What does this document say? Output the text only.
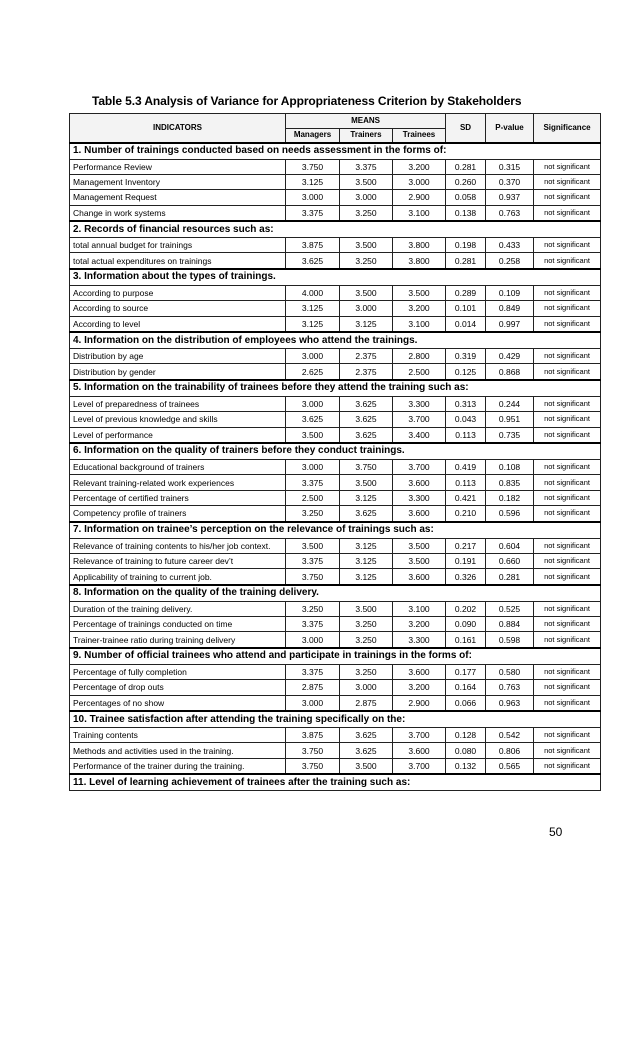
Table 5.3 Analysis of Variance for Appropriateness Criterion by Stakeholders
INDICATORS	MEANS			SD	P-value	Significance
	Managers	Trainers	Trainees			
1. Number of trainings conducted based on needs assessment in the forms of:						
Performance Review	3.750	3.375	3.200	0.281	0.315	not significant
Management Inventory	3.125	3.500	3.000	0.260	0.370	not significant
Management Request	3.000	3.000	2.900	0.058	0.937	not significant
Change in work systems	3.375	3.250	3.100	0.138	0.763	not significant
2. Records of financial resources such as:						
total annual budget for trainings	3.875	3.500	3.800	0.198	0.433	not significant
total actual expenditures on trainings	3.625	3.250	3.800	0.281	0.258	not significant
3. Information about the types of trainings.						
According to purpose	4.000	3.500	3.500	0.289	0.109	not significant
According to source	3.125	3.000	3.200	0.101	0.849	not significant
According to level	3.125	3.125	3.100	0.014	0.997	not significant
4. Information on the distribution of employees who attend the trainings.						
Distribution by age	3.000	2.375	2.800	0.319	0.429	not significant
Distribution by gender	2.625	2.375	2.500	0.125	0.868	not significant
5. Information on the trainability of trainees before they attend the training such as:						
Level of preparedness of trainees	3.000	3.625	3.300	0.313	0.244	not significant
Level of previous knowledge and skills	3.625	3.625	3.700	0.043	0.951	not significant
Level of performance	3.500	3.625	3.400	0.113	0.735	not significant
6. Information on the quality of trainers before they conduct trainings.						
Educational background of trainers	3.000	3.750	3.700	0.419	0.108	not significant
Relevant training-related work experiences	3.375	3.500	3.600	0.113	0.835	not significant
Percentage of certified trainers	2.500	3.125	3.300	0.421	0.182	not significant
Competency profile of trainers	3.250	3.625	3.600	0.210	0.596	not significant
7. Information on trainee’s perception on the relevance of trainings such as:						
Relevance of training contents to his/her job context.	3.500	3.125	3.500	0.217	0.604	not significant
Relevance of training to future career dev’t	3.375	3.125	3.500	0.191	0.660	not significant
Applicability of training to current job.	3.750	3.125	3.600	0.326	0.281	not significant
8. Information on the quality of the training delivery.						
Duration of the training delivery.	3.250	3.500	3.100	0.202	0.525	not significant
Percentage of trainings conducted on time	3.375	3.250	3.200	0.090	0.884	not significant
Trainer-trainee ratio during training delivery	3.000	3.250	3.300	0.161	0.598	not significant
9. Number of official trainees who attend and participate in trainings in the forms of:						
Percentage of fully completion	3.375	3.250	3.600	0.177	0.580	not significant
Percentage of drop outs	2.875	3.000	3.200	0.164	0.763	not significant
Percentages of no show	3.000	2.875	2.900	0.066	0.963	not significant
10. Trainee satisfaction after attending the training specifically on the:						
Training contents	3.875	3.625	3.700	0.128	0.542	not significant
Methods and activities used in the training.	3.750	3.625	3.600	0.080	0.806	not significant
Performance of the trainer during the training.	3.750	3.500	3.700	0.132	0.565	not significant
11. Level of learning achievement of trainees after the training such as:						
50
